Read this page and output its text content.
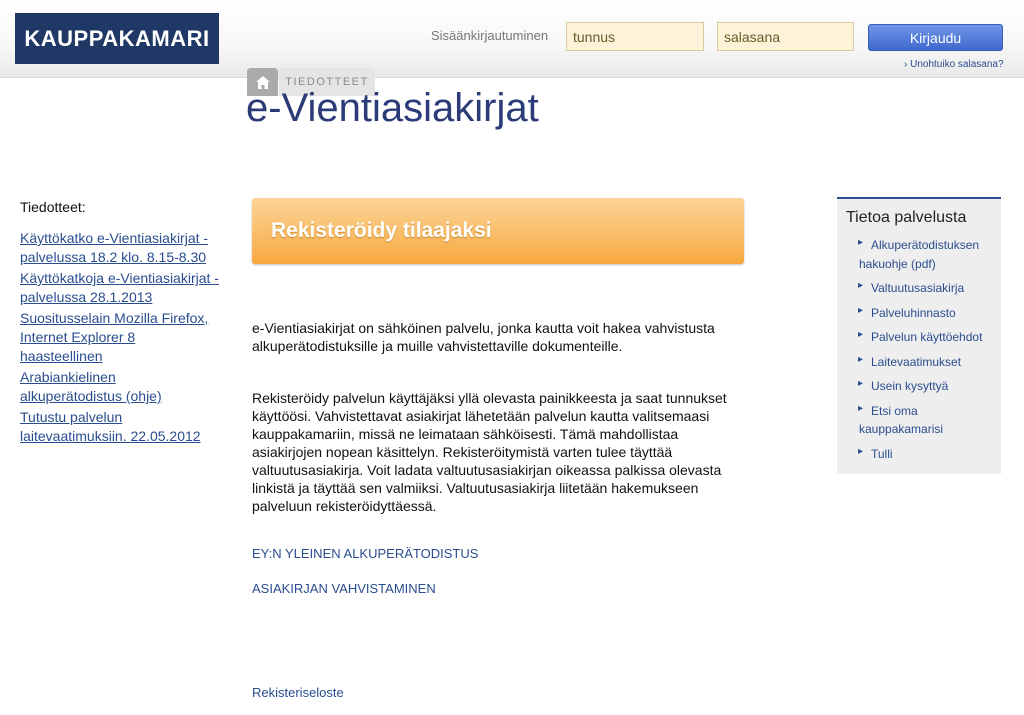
KAUPPAKAMARI	Sisäänkirjautuminen
tunnus	Kirjaudu
› Unohtuiko salasana?
TIEDOTTEET
e-Vientiasiakirjat
Tiedotteet:
Käyttökatko e-Vientiasiakirjat -palvelussa 18.2 klo. 8.15-8.30
Käyttökatkoja e-Vientiasiakirjat -palvelussa 28.1.2013
Suositusselain Mozilla Firefox, Internet Explorer 8 haasteellinen
Arabiankielinen alkuperätodistus (ohje)
Tutustu palvelun laitevaatimuksiin. 22.05.2012
Rekisteröidy tilaajaksi

e-Vientiasiakirjat on sähköinen palvelu, jonka kautta voit hakea vahvistusta alkuperätodistuksille ja muille vahvistettaville dokumenteille.

Rekisteröidy palvelun käyttäjäksi yllä olevasta painikkeesta ja saat tunnukset käyttöösi. Vahvistettavat asiakirjat lähetetään palvelun kautta valitsemaasi kauppakamariin, missä ne leimataan sähköisesti. Tämä mahdollistaa asiakirjojen nopean käsittelyn. Rekisteröitymistä varten tulee täyttää valtuutusasiakirja. Voit ladata valtuutusasiakirjan oikeassa palkissa olevasta linkistä ja täyttää sen valmiiksi. Valtuutusasiakirja liitetään hakemukseen palveluun rekisteröidyttäessä.

EY:N YLEINEN ALKUPERÄTODISTUS
ASIAKIRJAN VAHVISTAMINEN
Rekisteriseloste
Tietoa palvelusta
▸ Alkuperätodistuksen hakuohje (pdf)
▸ Valtuutusasiakirja
▸ Palveluhinnasto
▸ Palvelun käyttöehdot
▸ Laitevaatimukset
▸ Usein kysyttyä
▸ Etsi oma kauppakamarisi
▸ Tulli
